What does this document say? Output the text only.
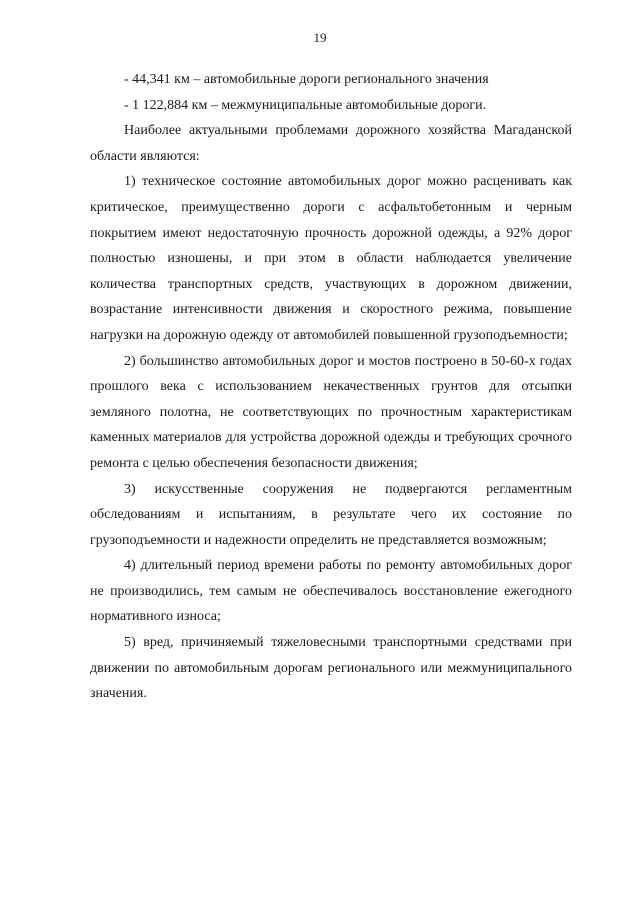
19

- 44,341 км – автомобильные дороги регионального значения

- 1 122,884 км – межмуниципальные автомобильные дороги.

Наиболее актуальными проблемами дорожного хозяйства Магаданской области являются:

1) техническое состояние автомобильных дорог можно расценивать как критическое, преимущественно дороги с асфальтобетонным и черным покрытием имеют недостаточную прочность дорожной одежды, а 92% дорог полностью изношены, и при этом в области наблюдается увеличение количества транспортных средств, участвующих в дорожном движении, возрастание интенсивности движения и скоростного режима, повышение нагрузки на дорожную одежду от автомобилей повышенной грузоподъемности;

2) большинство автомобильных дорог и мостов построено в 50-60-х годах прошлого века с использованием некачественных грунтов для отсыпки земляного полотна, не соответствующих по прочностным характеристикам каменных материалов для устройства дорожной одежды и требующих срочного ремонта с целью обеспечения безопасности движения;

3) искусственные сооружения не подвергаются регламентным обследованиям и испытаниям, в результате чего их состояние по грузоподъемности и надежности определить не представляется возможным;

4) длительный период времени работы по ремонту автомобильных дорог не производились, тем самым не обеспечивалось восстановление ежегодного нормативного износа;

5) вред, причиняемый тяжеловесными транспортными средствами при движении по автомобильным дорогам регионального или межмуниципального значения.
